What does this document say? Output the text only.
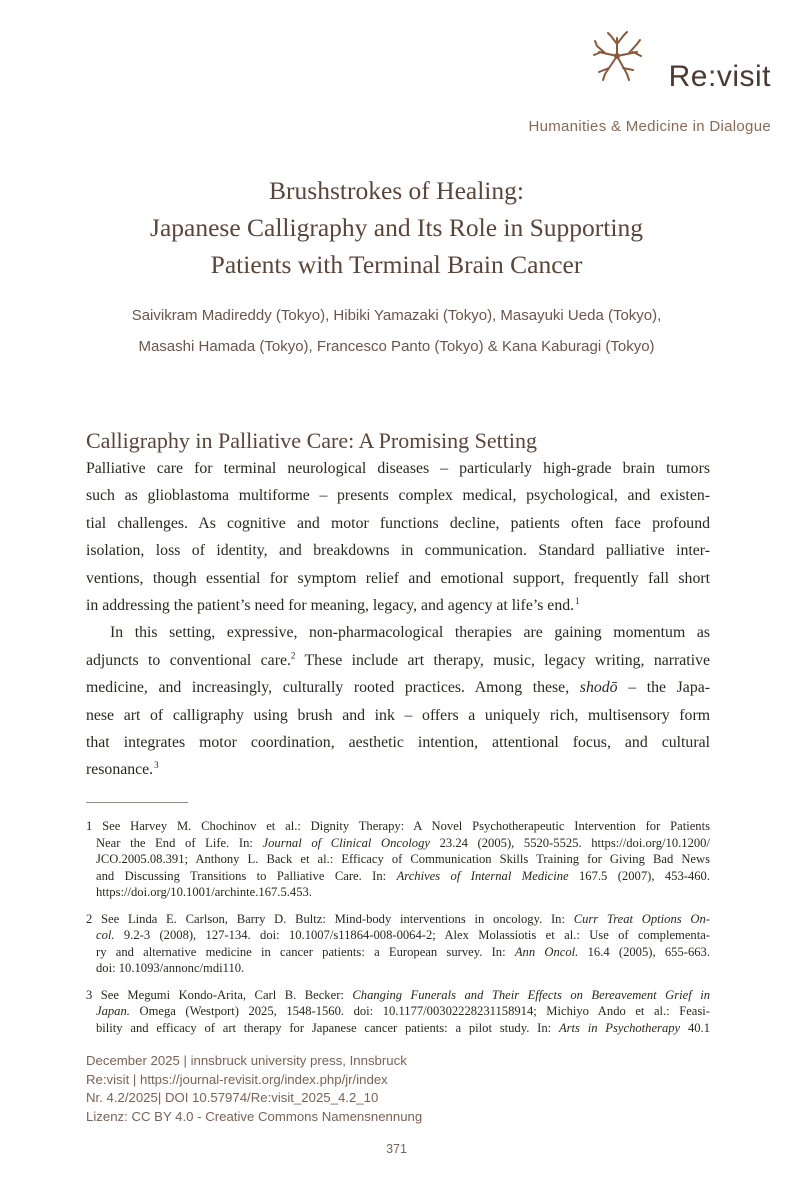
Re:visit
Humanities & Medicine in Dialogue
Brushstrokes of Healing:
Japanese Calligraphy and Its Role in Supporting
Patients with Terminal Brain Cancer
Saivikram Madireddy (Tokyo), Hibiki Yamazaki (Tokyo), Masayuki Ueda (Tokyo),
Masashi Hamada (Tokyo), Francesco Panto (Tokyo) & Kana Kaburagi (Tokyo)
Calligraphy in Palliative Care: A Promising Setting
Palliative care for terminal neurological diseases – particularly high-grade brain tumors
such as glioblastoma multiforme – presents complex medical, psychological, and existen-
tial challenges. As cognitive and motor functions decline, patients often face profound
isolation, loss of identity, and breakdowns in communication. Standard palliative inter-
ventions, though essential for symptom relief and emotional support, frequently fall short
in addressing the patient’s need for meaning, legacy, and agency at life’s end.$^1$
In this setting, expressive, non-pharmacological therapies are gaining momentum as
adjuncts to conventional care.$^2$ These include art therapy, music, legacy writing, narrative
medicine, and increasingly, culturally rooted practices. Among these, shodō – the Japa-
nese art of calligraphy using brush and ink – offers a uniquely rich, multisensory form
that integrates motor coordination, aesthetic intention, attentional focus, and cultural
resonance.$^3$
1 See Harvey M. Chochinov et al.: Dignity Therapy: A Novel Psychotherapeutic Intervention for Patients
Near the End of Life. In: Journal of Clinical Oncology 23.24 (2005), 5520-5525. https://doi.org/10.1200/
JCO.2005.08.391; Anthony L. Back et al.: Efficacy of Communication Skills Training for Giving Bad News
and Discussing Transitions to Palliative Care. In: Archives of Internal Medicine 167.5 (2007), 453-460.
https://doi.org/10.1001/archinte.167.5.453.
2 See Linda E. Carlson, Barry D. Bultz: Mind-body interventions in oncology. In: Curr Treat Options On-
col. 9.2-3 (2008), 127-134. doi: 10.1007/s11864-008-0064-2; Alex Molassiotis et al.: Use of complementa-
ry and alternative medicine in cancer patients: a European survey. In: Ann Oncol. 16.4 (2005), 655-663.
doi: 10.1093/annonc/mdi110.
3 See Megumi Kondo-Arita, Carl B. Becker: Changing Funerals and Their Effects on Bereavement Grief in
Japan. Omega (Westport) 2025, 1548-1560. doi: 10.1177/00302228231158914; Michiyo Ando et al.: Feasi-
bility and efficacy of art therapy for Japanese cancer patients: a pilot study. In: Arts in Psychotherapy 40.1
December 2025 | innsbruck university press, Innsbruck
Re:visit | https://journal-revisit.org/index.php/jr/index
Nr. 4.2/2025| DOI 10.57974/Re:visit_2025_4.2_10
Lizenz: CC BY 4.0 - Creative Commons Namensnennung
371
